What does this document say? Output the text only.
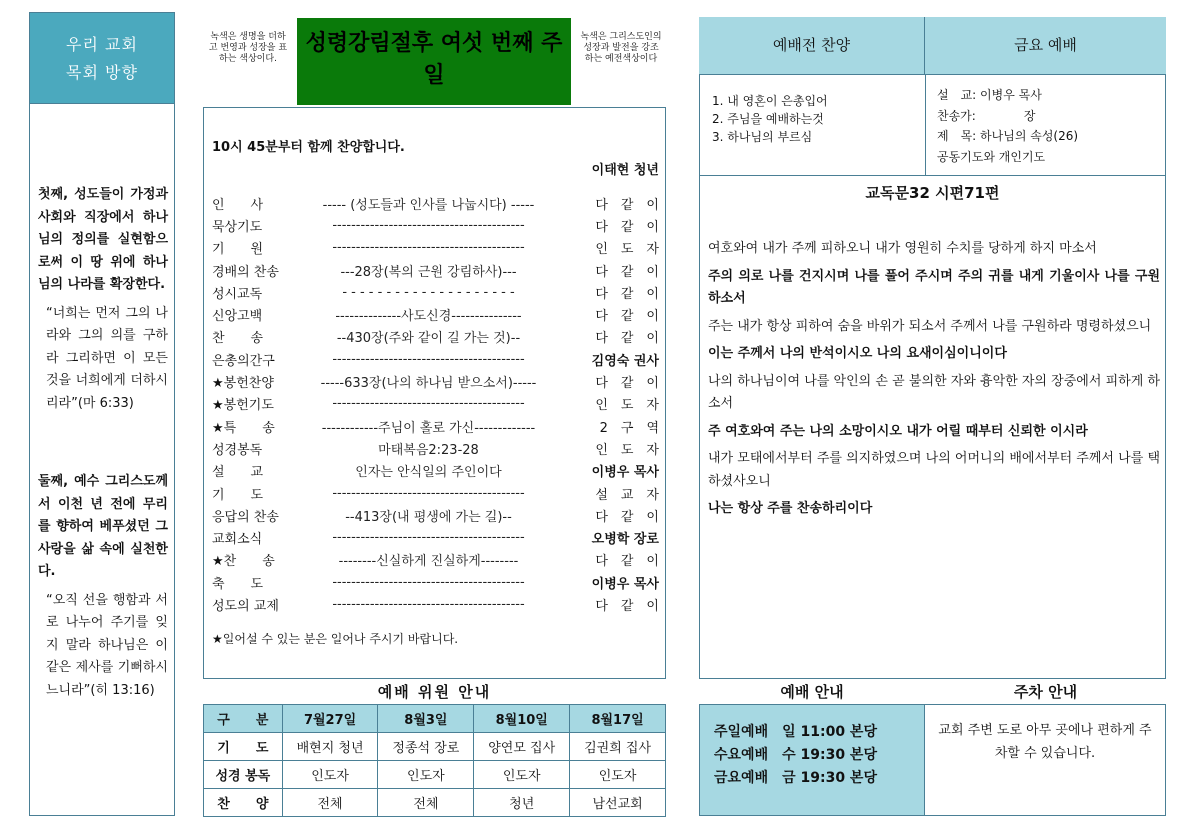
우리 교회
목회 방향
첫째, 성도들이 가정과 사회와 직장에서 하나님의 정의를 실현함으로써 이 땅 위에 하나님의 나라를 확장한다.
“너희는 먼저 그의 나라와 그의 의를 구하라 그리하면 이 모든 것을 너희에게 더하시리라”(마 6:33)
둘째, 예수 그리스도께서 이천 년 전에 무리를 향하여 베푸셨던 그 사랑을 삶 속에 실천한다.
“오직 선을 행함과 서로 나누어 주기를 잊지 말라 하나님은 이 같은 제사를 기뻐하시느니라”(히 13:16)
녹색은 생명을 더하고 번영과 성장을 표하는 색상이다.
성령강림절후 여섯 번째 주일
녹색은 그리스도인의 성장과 발전을 강조하는 예전색상이다
10시 45분부터 함께 찬양합니다.
이태현 청년
인　　사	----- (성도들과 인사를 나눕시다) -----	다　같　이
묵상기도	-----------------------------------------	다　같　이
기　　원	-----------------------------------------	인　도　자
경배의 찬송	---28장(복의 근원 강림하사)---	다　같　이
성시교독	- - - - - - - - - - - - - - - - - - - -	다　같　이
신앙고백	--------------사도신경---------------	다　같　이
찬　　송	--430장(주와 같이 길 가는 것)--	다　같　이
은총의간구	-----------------------------------------	김영숙 권사
★봉헌찬양	-----633장(나의 하나님 받으소서)-----	다　같　이
★봉헌기도	-----------------------------------------	인　도　자
★특　　송	------------주님이 홀로 가신-------------	2　구　역
성경봉독	마태복음2:23-28	인　도　자
설　　교	인자는 안식일의 주인이다	이병우 목사
기　　도	-----------------------------------------	설　교　자
응답의 찬송	--413장(내 평생에 가는 길)--	다　같　이
교회소식	-----------------------------------------	오병학 장로
★찬　　송	--------신실하게 진실하게--------	다　같　이
축　　도	-----------------------------------------	이병우 목사
성도의 교제	-----------------------------------------	다　같　이
★일어설 수 있는 분은 일어나 주시기 바랍니다.
예배 위원 안내
구　　분	7월27일	8월3일	8월10일	8월17일
기　　도	배현지 청년	정종석 장로	양연모 집사	김권희 집사
성경 봉독	인도자	인도자	인도자	인도자
찬　　양	전체	전체	청년	남선교회
예배전 찬양	금요 예배
1. 내 영혼이 은총입어
2. 주님을 예배하는것
3. 하나님의 부르심
설　교: 이병우 목사
찬송가:　　　　장
제　목: 하나님의 속성(26)
공동기도와 개인기도
교독문32 시편71편

여호와여 내가 주께 피하오니 내가 영원히 수치를 당하게 하지 마소서

주의 의로 나를 건지시며 나를 풀어 주시며 주의 귀를 내게 기울이사 나를 구원하소서

주는 내가 항상 피하여 숨을 바위가 되소서 주께서 나를 구원하라 명령하셨으니

이는 주께서 나의 반석이시오 나의 요새이심이니이다

나의 하나님이여 나를 악인의 손 곧 불의한 자와 흉악한 자의 장중에서 피하게 하소서

주 여호와여 주는 나의 소망이시오 내가 어릴 때부터 신뢰한 이시라

내가 모태에서부터 주를 의지하였으며 나의 어머니의 배에서부터 주께서 나를 택하셨사오니

나는 항상 주를 찬송하리이다

예배 안내	주차 안내
주일예배　일 11:00 본당
수요예배　수 19:30 본당
금요예배　금 19:30 본당
교회 주변 도로 아무 곳에나 편하게 주차할 수 있습니다.
